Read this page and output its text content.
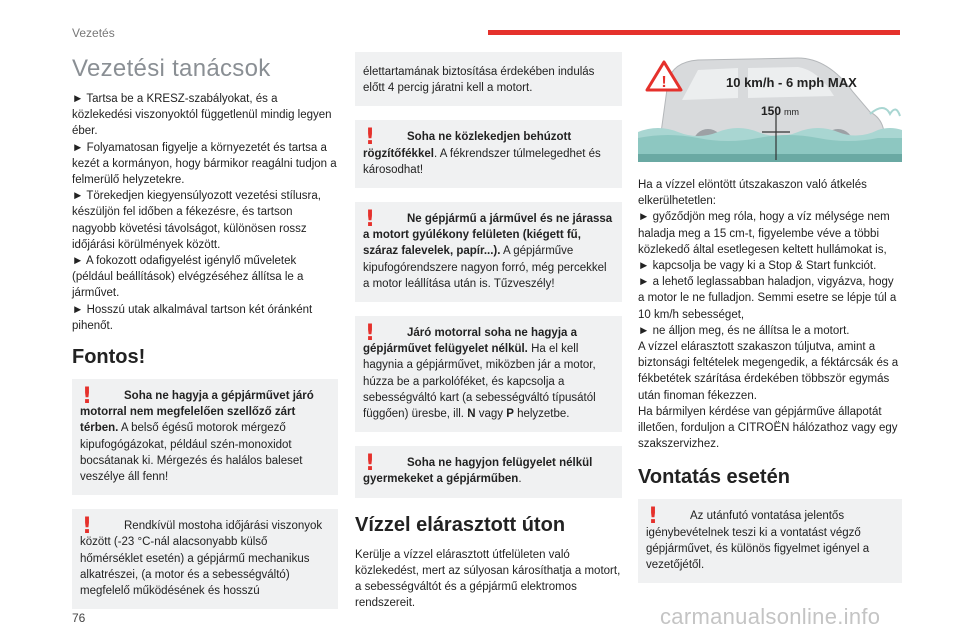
Vezetés
Vezetési tanácsok
► Tartsa be a KRESZ-szabályokat, és a közlekedési viszonyoktól függetlenül mindig legyen éber.
► Folyamatosan figyelje a környezetét és tartsa a kezét a kormányon, hogy bármikor reagálni tudjon a felmerülő helyzetekre.
► Törekedjen kiegyensúlyozott vezetési stílusra, készüljön fel időben a fékezésre, és tartson nagyobb követési távolságot, különösen rossz időjárási körülmények között.
► A fokozott odafigyelést igénylő műveletek (például beállítások) elvégzéséhez állítsa le a járművet.
► Hosszú utak alkalmával tartson két óránként pihenőt.
Fontos!
!	Soha ne hagyja a gépjárművet járó motorral nem megfelelően szellőző zárt térben. A belső égésű motorok mérgező kipufogógázokat, például szén-monoxidot bocsátanak ki. Mérgezés és halálos baleset veszélye áll fenn!
!	Rendkívül mostoha időjárási viszonyok között (-23 °C-nál alacsonyabb külső hőmérséklet esetén) a gépjármű mechanikus alkatrészei, (a motor és a sebességváltó) megfelelő működésének és hosszú
élettartamának biztosítása érdekében indulás előtt 4 percig járatni kell a motort.
!	Soha ne közlekedjen behúzott rögzítőfékkel. A fékrendszer túlmelegedhet és károsodhat!
!	Ne gépjármű a járművel és ne járassa a motort gyúlékony felületen (kiégett fű, száraz falevelek, papír...). A gépjárműve kipufogórendszere nagyon forró, még percekkel a motor leállítása után is. Tűzveszély!
!	Járó motorral soha ne hagyja a gépjárművet felügyelet nélkül. Ha el kell hagynia a gépjárművet, miközben jár a motor, húzza be a parkolóféket, és kapcsolja a sebességváltó kart (a sebességváltó típusától függően) üresbe, ill. N vagy P helyzetbe.
!	Soha ne hagyjon felügyelet nélkül gyermekeket a gépjárműben.
Vízzel elárasztott úton
Kerülje a vízzel elárasztott útfelületen való közlekedést, mert az súlyosan károsíthatja a motort, a sebességváltót és a gépjármű elektromos rendszereit.
!	10 km/h - 6 mph MAX
150 mm
Ha a vízzel elöntött útszakaszon való átkelés elkerülhetetlen:
► győződjön meg róla, hogy a víz mélysége nem haladja meg a 15 cm-t, figyelembe véve a többi közlekedő által esetlegesen keltett hullámokat is,
► kapcsolja be vagy ki a Stop & Start funkciót.
► a lehető leglassabban haladjon, vigyázva, hogy a motor le ne fulladjon. Semmi esetre se lépje túl a 10 km/h sebességet,
► ne álljon meg, és ne állítsa le a motort.
A vízzel elárasztott szakaszon túljutva, amint a biztonsági feltételek megengedik, a féktárcsák és a fékbetétek szárítása érdekében többször egymás után finoman fékezzen.
Ha bármilyen kérdése van gépjárműve állapotát illetően, forduljon a CITROËN hálózathoz vagy egy szakszervizhez.
Vontatás esetén
!	Az utánfutó vontatása jelentős igénybevételnek teszi ki a vontatást végző gépjárművet, és különös figyelmet igényel a vezetőjétől.
76	carmanualsonline.info
